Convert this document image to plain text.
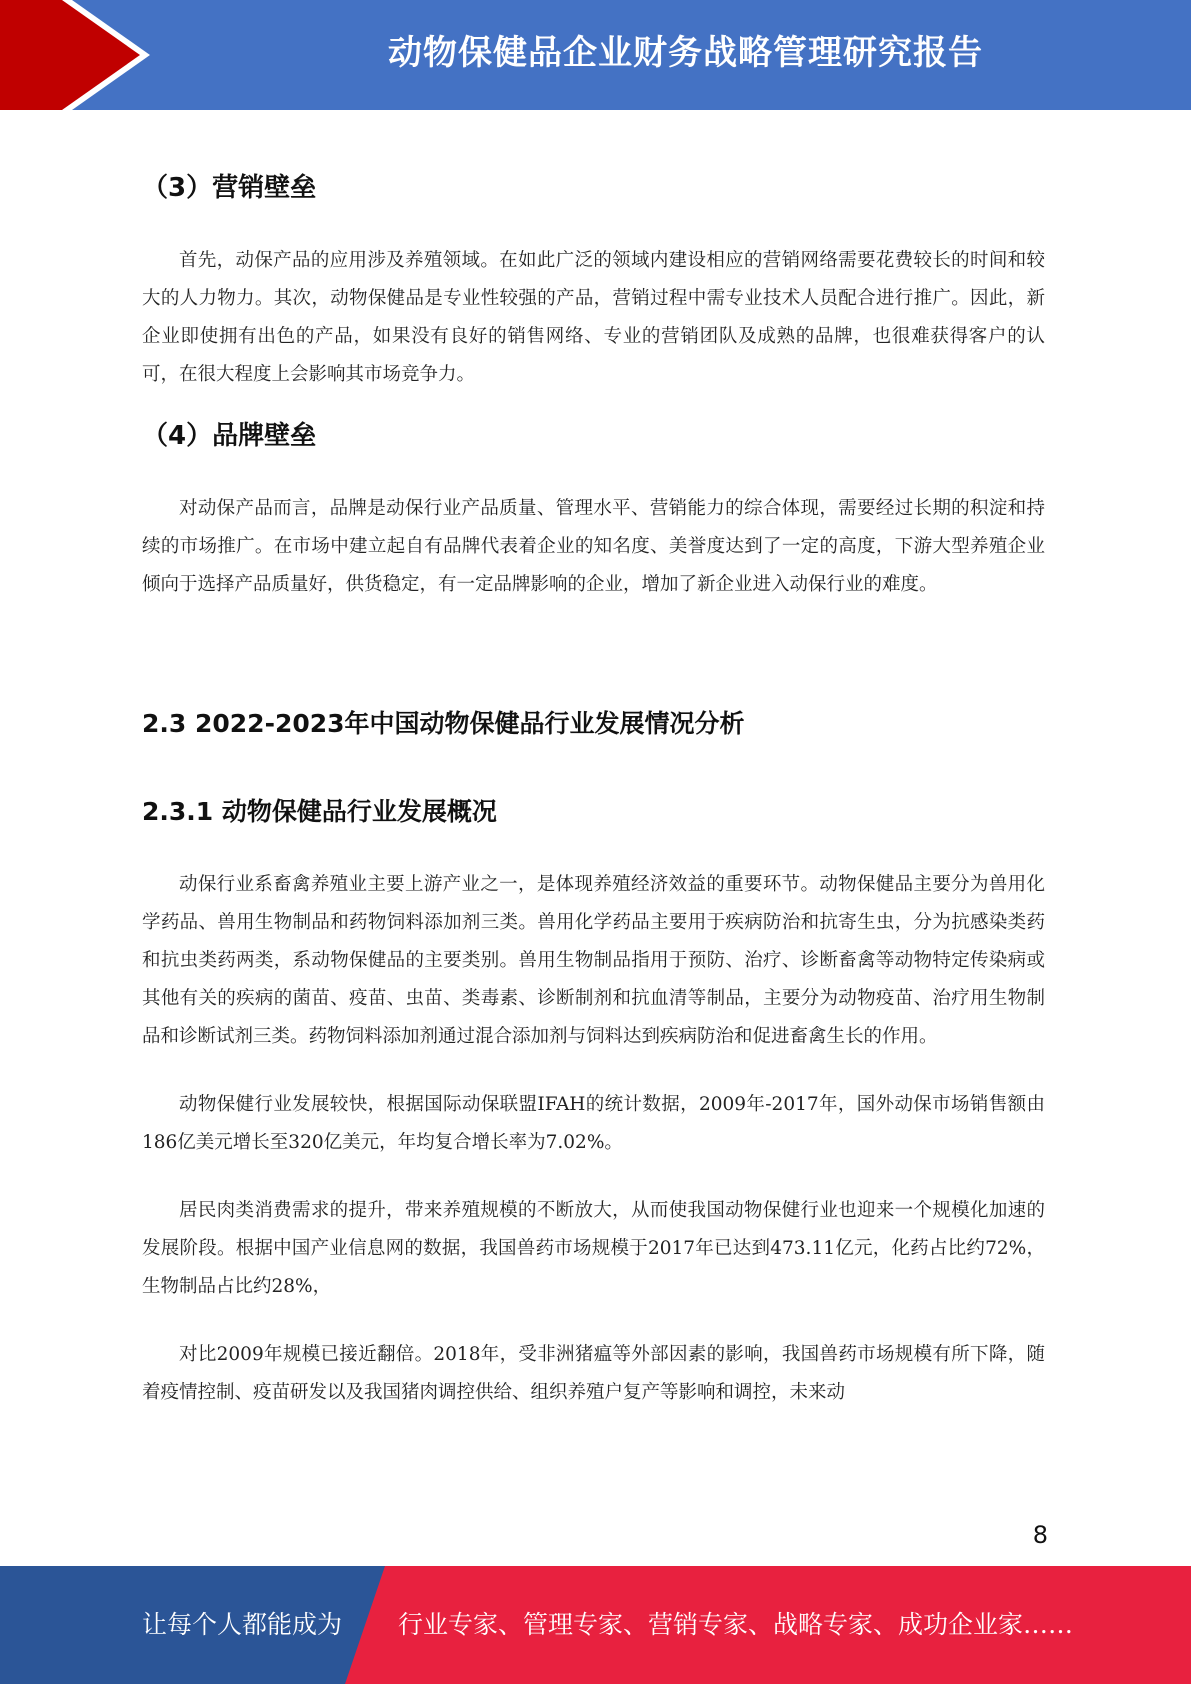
动物保健品企业财务战略管理研究报告
（3）营销壁垒

首先，动保产品的应用涉及养殖领域。在如此广泛的领域内建设相应的营销网络需要花费较长的时间和较大的人力物力。其次，动物保健品是专业性较强的产品，营销过程中需专业技术人员配合进行推广。因此，新企业即使拥有出色的产品，如果没有良好的销售网络、专业的营销团队及成熟的品牌，也很难获得客户的认可，在很大程度上会影响其市场竞争力。

（4）品牌壁垒

对动保产品而言，品牌是动保行业产品质量、管理水平、营销能力的综合体现，需要经过长期的积淀和持续的市场推广。在市场中建立起自有品牌代表着企业的知名度、美誉度达到了一定的高度，下游大型养殖企业倾向于选择产品质量好，供货稳定，有一定品牌影响的企业，增加了新企业进入动保行业的难度。

2.3 2022-2023年中国动物保健品行业发展情况分析
2.3.1 动物保健品行业发展概况

动保行业系畜禽养殖业主要上游产业之一，是体现养殖经济效益的重要环节。动物保健品主要分为兽用化学药品、兽用生物制品和药物饲料添加剂三类。兽用化学药品主要用于疾病防治和抗寄生虫，分为抗感染类药和抗虫类药两类，系动物保健品的主要类别。兽用生物制品指用于预防、治疗、诊断畜禽等动物特定传染病或其他有关的疾病的菌苗、疫苗、虫苗、类毒素、诊断制剂和抗血清等制品，主要分为动物疫苗、治疗用生物制品和诊断试剂三类。药物饲料添加剂通过混合添加剂与饲料达到疾病防治和促进畜禽生长的作用。

动物保健行业发展较快，根据国际动保联盟IFAH的统计数据，2009年-2017年，国外动保市场销售额由186亿美元增长至320亿美元，年均复合增长率为7.02%。

居民肉类消费需求的提升，带来养殖规模的不断放大，从而使我国动物保健行业也迎来一个规模化加速的发展阶段。根据中国产业信息网的数据，我国兽药市场规模于2017年已达到473.11亿元，化药占比约72%，生物制品占比约28%，

对比2009年规模已接近翻倍。2018年，受非洲猪瘟等外部因素的影响，我国兽药市场规模有所下降，随着疫情控制、疫苗研发以及我国猪肉调控供给、组织养殖户复产等影响和调控，未来动

8
让每个人都能成为 行业专家、管理专家、营销专家、战略专家、成功企业家……
